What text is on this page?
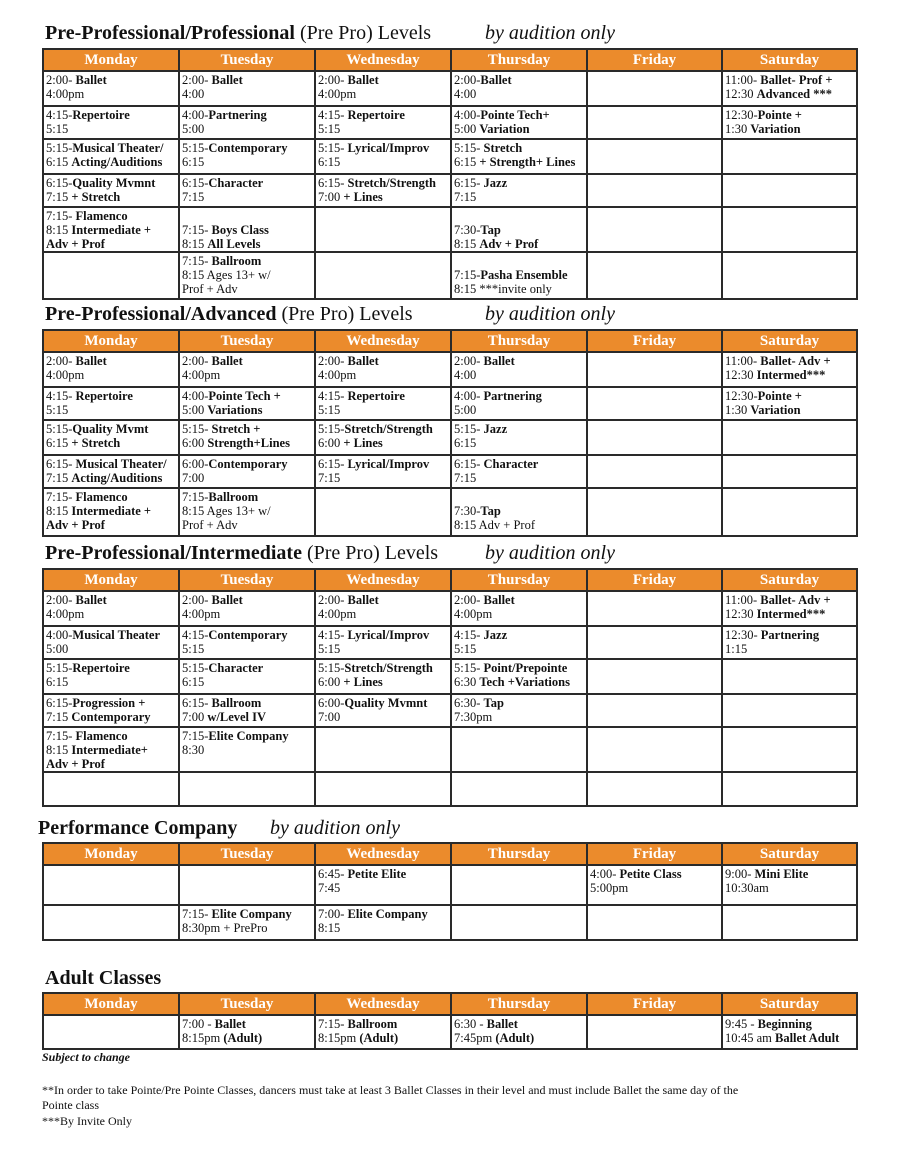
Pre-Professional/Professional (Pre Pro) Levels	by audition only
Monday	Tuesday	Wednesday	Thursday	Friday	Saturday

2:00- Ballet
4:00pm	2:00- Ballet
4:00	2:00- Ballet
4:00pm	2:00-Ballet
4:00		11:00- Ballet- Prof +
12:30 Advanced ***

4:15-Repertoire
5:15	4:00-Partnering
5:00	4:15- Repertoire
5:15	4:00-Pointe Tech+
5:00 Variation		12:30-Pointe +
1:30 Variation

5:15-Musical Theater/
6:15 Acting/Auditions	5:15-Contemporary
6:15	5:15- Lyrical/Improv
6:15	5:15- Stretch
6:15 + Strength+ Lines		

6:15-Quality Mvmnt
7:15 + Stretch	6:15-Character
7:15	6:15- Stretch/Strength
7:00 + Lines	6:15- Jazz
7:15		

7:15- Flamenco
8:15 Intermediate +
Adv + Prof	7:15- Boys Class
8:15 All Levels		7:30-Tap
8:15 Adv + Prof		

	7:15- Ballroom
8:15 Ages 13+ w/
Prof + Adv		7:15-Pasha Ensemble
8:15 ***invite only		

Pre-Professional/Advanced (Pre Pro) Levels	by audition only
Monday	Tuesday	Wednesday	Thursday	Friday	Saturday

2:00- Ballet
4:00pm	2:00- Ballet
4:00pm	2:00- Ballet
4:00pm	2:00- Ballet
4:00		11:00- Ballet- Adv +
12:30 Intermed***

4:15- Repertoire
5:15	4:00-Pointe Tech +
5:00 Variations	4:15- Repertoire
5:15	4:00- Partnering
5:00		12:30-Pointe +
1:30 Variation

5:15-Quality Mvmt
6:15 + Stretch	5:15- Stretch +
6:00 Strength+Lines	5:15-Stretch/Strength
6:00 + Lines	5:15- Jazz
6:15		

6:15- Musical Theater/
7:15 Acting/Auditions	6:00-Contemporary
7:00	6:15- Lyrical/Improv
7:15	6:15- Character
7:15		

7:15- Flamenco
8:15 Intermediate +
Adv + Prof	7:15-Ballroom
8:15 Ages 13+ w/
Prof + Adv		7:30-Tap
8:15 Adv + Prof		

Pre-Professional/Intermediate (Pre Pro) Levels by audition only
Monday	Tuesday	Wednesday	Thursday	Friday	Saturday

2:00- Ballet
4:00pm	2:00- Ballet
4:00pm	2:00- Ballet
4:00pm	2:00- Ballet
4:00pm		11:00- Ballet- Adv +
12:30 Intermed***

4:00-Musical Theater
5:00	4:15-Contemporary
5:15	4:15- Lyrical/Improv
5:15	4:15- Jazz
5:15		12:30- Partnering
1:15

5:15-Repertoire
6:15	5:15-Character
6:15	5:15-Stretch/Strength
6:00 + Lines	5:15- Point/Prepointe
6:30 Tech +Variations		

6:15-Progression +
7:15 Contemporary	6:15- Ballroom
7:00 w/Level IV	6:00-Quality Mvmnt
7:00	6:30- Tap
7:30pm		

7:15- Flamenco
8:15 Intermediate+
Adv + Prof	7:15-Elite Company
8:30				

Performance Company by audition only
Monday	Tuesday	Wednesday	Thursday	Friday	Saturday

		6:45- Petite Elite
7:45		4:00- Petite Class
5:00pm	9:00- Mini Elite
10:30am

	7:15- Elite Company
8:30pm + PrePro	7:00- Elite Company
8:15			

Adult Classes
Monday	Tuesday	Wednesday	Thursday	Friday	Saturday

	7:00 - Ballet
8:15pm (Adult)	7:15- Ballroom
8:15pm (Adult)	6:30 - Ballet
7:45pm (Adult)		9:45 - Beginning
10:45 am Ballet Adult
Subject to change
**In order to take Pointe/Pre Pointe Classes, dancers must take at least 3 Ballet Classes in their level and must include Ballet the same day of the
Pointe class
***By Invite Only
